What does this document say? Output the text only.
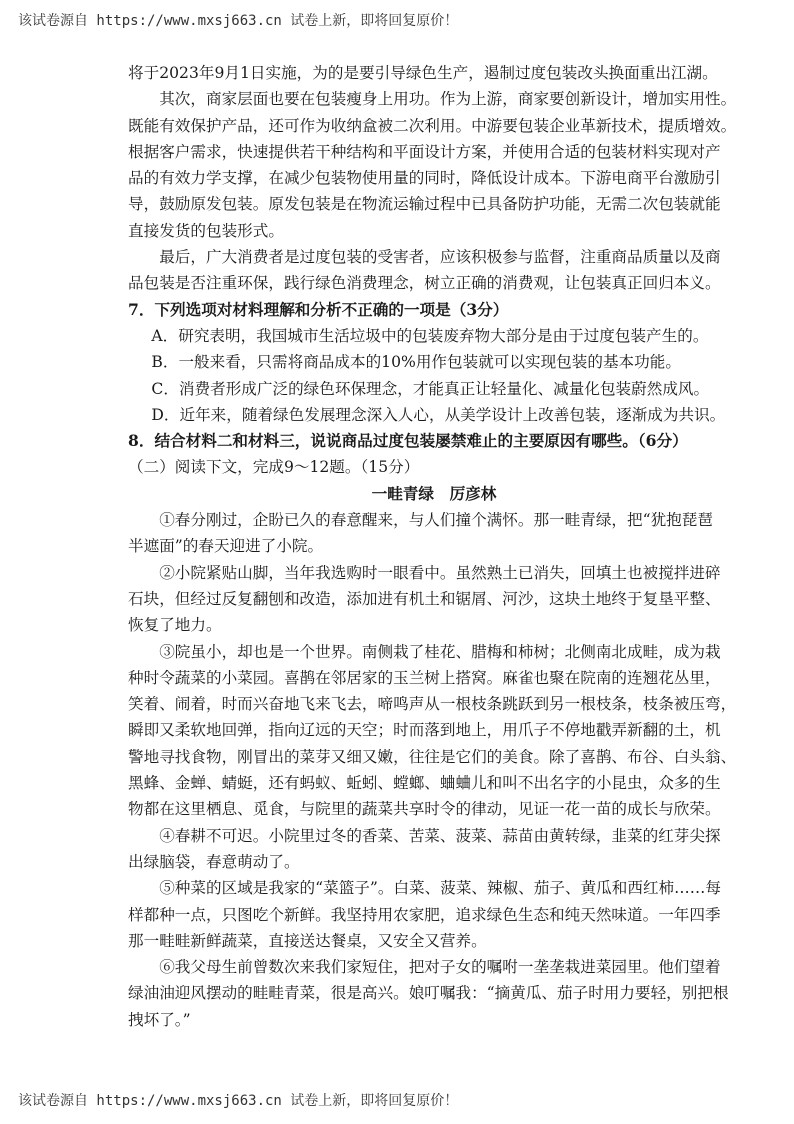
该试卷源自 https://www.mxsj663.cn 试卷上新，即将回复原价！
将于2023年9月1日实施，为的是要引导绿色生产，遏制过度包装改头换面重出江湖。
其次，商家层面也要在包装瘦身上用功。作为上游，商家要创新设计，增加实用性。
既能有效保护产品，还可作为收纳盒被二次利用。中游要包装企业革新技术，提质增效。
根据客户需求，快速提供若干种结构和平面设计方案，并使用合适的包装材料实现对产
品的有效力学支撑，在减少包装物使用量的同时，降低设计成本。下游电商平台激励引
导，鼓励原发包装。原发包装是在物流运输过程中已具备防护功能，无需二次包装就能
直接发货的包装形式。
最后，广大消费者是过度包装的受害者，应该积极参与监督，注重商品质量以及商
品包装是否注重环保，践行绿色消费理念，树立正确的消费观，让包装真正回归本义。
7．下列选项对材料理解和分析不正确的一项是（3分）
A．研究表明，我国城市生活垃圾中的包装废弃物大部分是由于过度包装产生的。
B．一般来看，只需将商品成本的10%用作包装就可以实现包装的基本功能。
C．消费者形成广泛的绿色环保理念，才能真正让轻量化、减量化包装蔚然成风。
D．近年来，随着绿色发展理念深入人心，从美学设计上改善包装，逐渐成为共识。
8．结合材料二和材料三，说说商品过度包装屡禁难止的主要原因有哪些。（6分）
（二）阅读下文，完成9～12题。（15分）
一畦青绿　厉彦林
①春分刚过，企盼已久的春意醒来，与人们撞个满怀。那一畦青绿，把“犹抱琵琶
半遮面”的春天迎进了小院。
②小院紧贴山脚，当年我选购时一眼看中。虽然熟土已消失，回填土也被搅拌进碎
石块，但经过反复翻刨和改造，添加进有机土和锯屑、河沙，这块土地终于复垦平整、
恢复了地力。
③院虽小，却也是一个世界。南侧栽了桂花、腊梅和柿树；北侧南北成畦，成为栽
种时令蔬菜的小菜园。喜鹊在邻居家的玉兰树上搭窝。麻雀也聚在院南的连翘花丛里，
笑着、闹着，时而兴奋地飞来飞去，啼鸣声从一根枝条跳跃到另一根枝条，枝条被压弯，
瞬即又柔软地回弹，指向辽远的天空；时而落到地上，用爪子不停地戳弄新翻的土，机
警地寻找食物，刚冒出的菜芽又细又嫩，往往是它们的美食。除了喜鹊、布谷、白头翁、
黑蜂、金蝉、蜻蜓，还有蚂蚁、蚯蚓、螳螂、蛐蛐儿和叫不出名字的小昆虫，众多的生
物都在这里栖息、觅食，与院里的蔬菜共享时令的律动，见证一花一苗的成长与欣荣。
④春耕不可迟。小院里过冬的香菜、苦菜、菠菜、蒜苗由黄转绿，韭菜的红芽尖探
出绿脑袋，春意萌动了。
⑤种菜的区域是我家的“菜篮子”。白菜、菠菜、辣椒、茄子、黄瓜和西红柿……每
样都种一点，只图吃个新鲜。我坚持用农家肥，追求绿色生态和纯天然味道。一年四季
那一畦畦新鲜蔬菜，直接送达餐桌，又安全又营养。
⑥我父母生前曾数次来我们家短住，把对子女的嘱咐一垄垄栽进菜园里。他们望着
绿油油迎风摆动的畦畦青菜，很是高兴。娘叮嘱我：“摘黄瓜、茄子时用力要轻，别把根
拽坏了。”
该试卷源自 https://www.mxsj663.cn 试卷上新，即将回复原价！
